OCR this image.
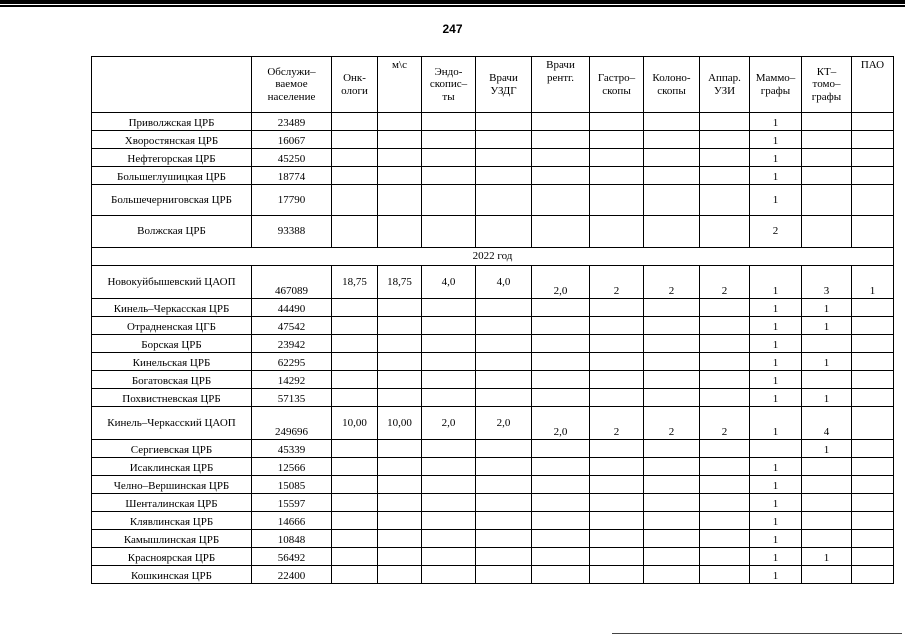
247
	Обслужи–ваемое население	Онк-ологи	м\с	Эндо-скопис–ты	Врачи УЗДГ	Врачи рентг.	Гастро–скопы	Колоно-скопы	Аппар. УЗИ	Маммо–графы	КТ–томо–графы	ПАО
Приволжская ЦРБ	23489									1		
Хворостянская ЦРБ	16067									1		
Нефтегорская ЦРБ	45250									1		
Большеглушицкая ЦРБ	18774									1		
Большечерниговская ЦРБ	17790									1		
Волжская ЦРБ	93388									2		
2022 год												
Новокуйбышевский ЦАОП	467089	18,75	18,75	4,0	4,0	2,0	2	2	2	1	3	1
Кинель–Черкасская ЦРБ	44490									1	1	
Отрадненская ЦГБ	47542									1	1	
Борская ЦРБ	23942									1		
Кинельская ЦРБ	62295									1	1	
Богатовская ЦРБ	14292									1		
Похвистневская ЦРБ	57135									1	1	
Кинель–Черкасский ЦАОП	249696	10,00	10,00	2,0	2,0	2,0	2	2	2	1	4	
Сергиевская ЦРБ	45339										1	
Исаклинская ЦРБ	12566									1		
Челно–Вершинская ЦРБ	15085									1		
Шенталинская ЦРБ	15597									1		
Клявлинская ЦРБ	14666									1		
Камышлинская ЦРБ	10848									1		
Красноярская ЦРБ	56492									1	1	
Кошкинская ЦРБ	22400									1		
